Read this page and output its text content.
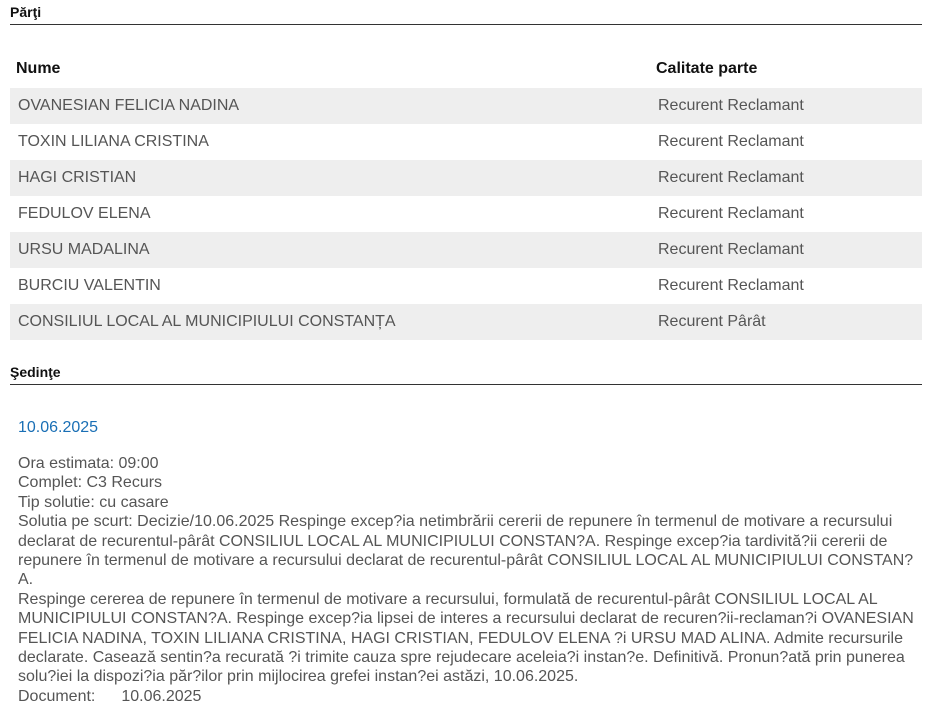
Părţi
Nume	Calitate parte
OVANESIAN FELICIA NADINA	Recurent Reclamant
TOXIN LILIANA CRISTINA	Recurent Reclamant
HAGI CRISTIAN	Recurent Reclamant
FEDULOV ELENA	Recurent Reclamant
URSU MADALINA	Recurent Reclamant
BURCIU VALENTIN	Recurent Reclamant
CONSILIUL LOCAL AL MUNICIPIULUI CONSTANȚA	Recurent Pârât
Şedinţe
10.06.2025

Ora estimata: 09:00

Complet: C3 Recurs

Tip solutie: cu casare

Solutia pe scurt: Decizie/10.06.2025 Respinge excep?ia netimbrării cererii de repunere în termenul de motivare a recursului

declarat de recurentul-pârât CONSILIUL LOCAL AL MUNICIPIULUI CONSTAN?A. Respinge excep?ia tardivită?ii cererii de

repunere în termenul de motivare a recursului declarat de recurentul-pârât CONSILIUL LOCAL AL MUNICIPIULUI CONSTAN?A.

Respinge cererea de repunere în termenul de motivare a recursului, formulată de recurentul-pârât CONSILIUL LOCAL AL

MUNICIPIULUI CONSTAN?A. Respinge excep?ia lipsei de interes a recursului declarat de recuren?ii-reclaman?i OVANESIAN

FELICIA NADINA, TOXIN LILIANA CRISTINA, HAGI CRISTIAN, FEDULOV ELENA ?i URSU MAD ALINA. Admite recursurile

declarate. Casează sentin?a recurată ?i trimite cauza spre rejudecare aceleia?i instan?e. Definitivă. Pronun?ată prin punerea

solu?iei la dispozi?ia păr?ilor prin mijlocirea grefei instan?ei astăzi, 10.06.2025.

Document: 10.06.2025
